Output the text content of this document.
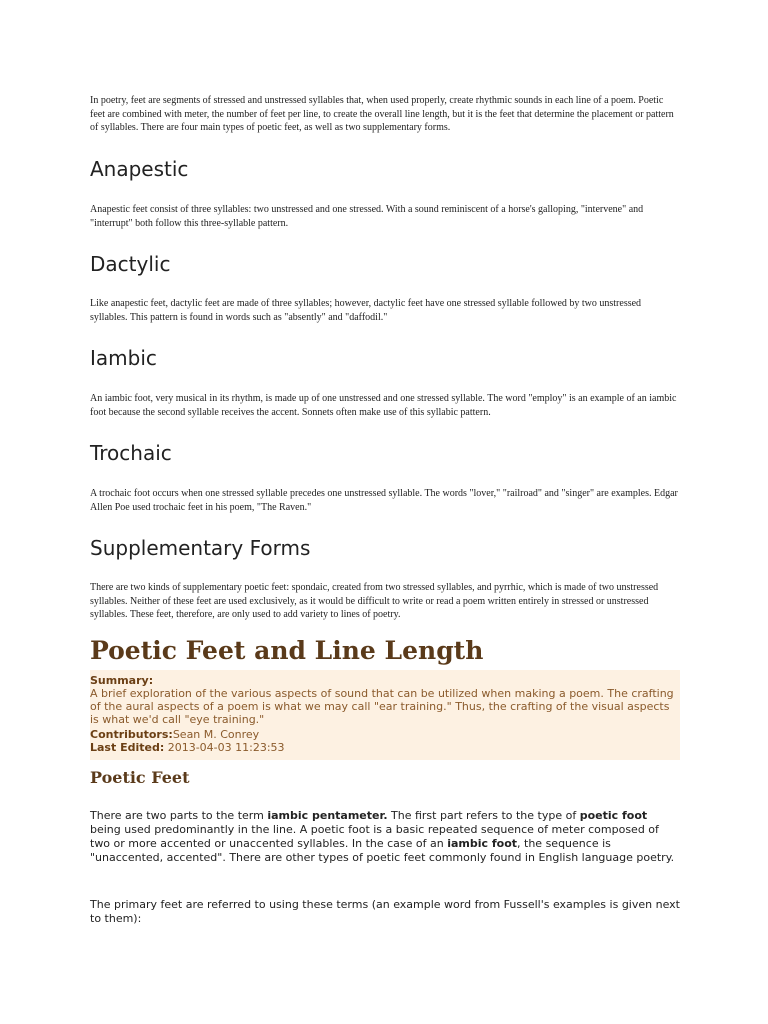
In poetry, feet are segments of stressed and unstressed syllables that, when used properly, create rhythmic sounds in each line of a poem. Poetic feet are combined with meter, the number of feet per line, to create the overall line length, but it is the feet that determine the placement or pattern of syllables. There are four main types of poetic feet, as well as two supplementary forms.

Anapestic

Anapestic feet consist of three syllables: two unstressed and one stressed. With a sound reminiscent of a horse's galloping, "intervene" and "interrupt" both follow this three-syllable pattern.

Dactylic

Like anapestic feet, dactylic feet are made of three syllables; however, dactylic feet have one stressed syllable followed by two unstressed syllables. This pattern is found in words such as "absently" and "daffodil."

Iambic

An iambic foot, very musical in its rhythm, is made up of one unstressed and one stressed syllable. The word "employ" is an example of an iambic foot because the second syllable receives the accent. Sonnets often make use of this syllabic pattern.

Trochaic

A trochaic foot occurs when one stressed syllable precedes one unstressed syllable. The words "lover," "railroad" and "singer" are examples. Edgar Allen Poe used trochaic feet in his poem, "The Raven."

Supplementary Forms

There are two kinds of supplementary poetic feet: spondaic, created from two stressed syllables, and pyrrhic, which is made of two unstressed syllables. Neither of these feet are used exclusively, as it would be difficult to write or read a poem written entirely in stressed or unstressed syllables. These feet, therefore, are only used to add variety to lines of poetry.

Poetic Feet and Line Length
Summary:
A brief exploration of the various aspects of sound that can be utilized when making a poem. The crafting of the aural aspects of a poem is what we may call "ear training." Thus, the crafting of the visual aspects is what we'd call "eye training."
Contributors:Sean M. Conrey
Last Edited: 2013-04-03 11:23:53
Poetic Feet

There are two parts to the term iambic pentameter. The first part refers to the type of poetic foot being used predominantly in the line. A poetic foot is a basic repeated sequence of meter composed of two or more accented or unaccented syllables. In the case of an iambic foot, the sequence is "unaccented, accented". There are other types of poetic feet commonly found in English language poetry.

The primary feet are referred to using these terms (an example word from Fussell's examples is given next to them):
